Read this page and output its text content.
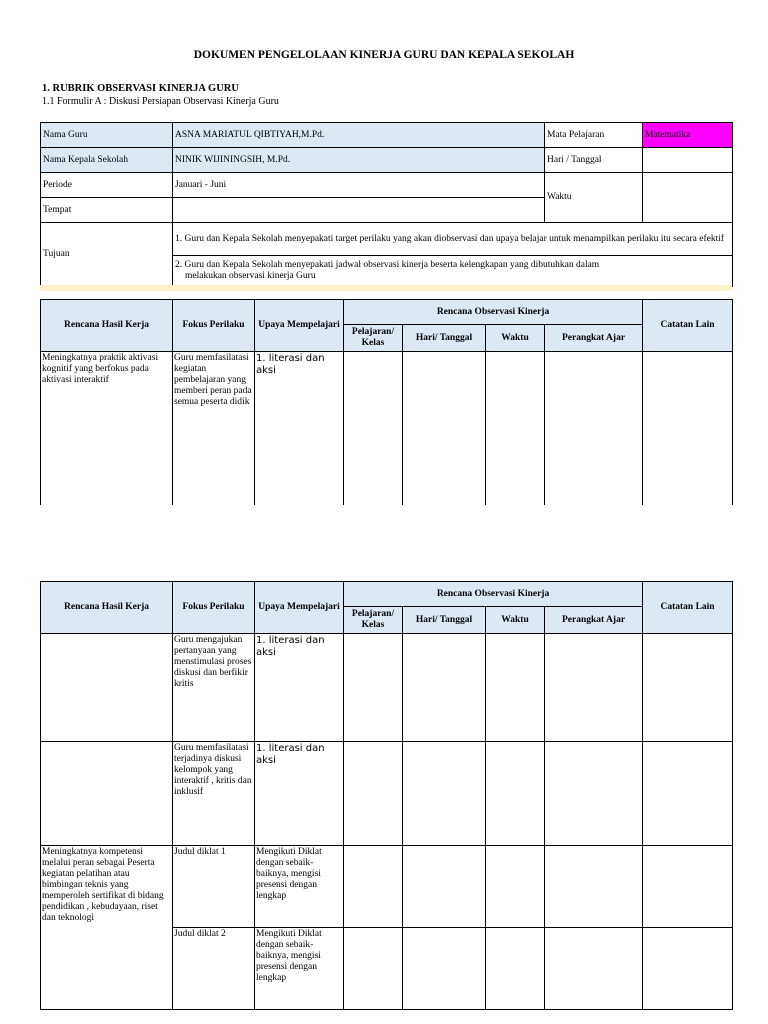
DOKUMEN PENGELOLAAN KINERJA GURU DAN KEPALA SEKOLAH
1. RUBRIK OBSERVASI KINERJA GURU
1.1 Formulir A : Diskusi Persiapan Observasi Kinerja Guru
Nama Guru	ASNA MARIATUL QIBTIYAH,M.Pd.	Mata Pelajaran	Matematika
Nama Kepala Sekolah	NINIK WIJININGSIH, M.Pd.	Hari / Tanggal	
Periode	Januari - Juni	Waktu	
Tempat			
Tujuan	1. Guru dan Kepala Sekolah menyepakati target perilaku yang akan diobservasi dan upaya belajar untuk menampilkan perilaku itu secara efektif		

	2. Guru dan Kepala Sekolah menyepakati jadwal observasi kinerja beserta kelengkapan yang dibutuhkan dalam
melakukan observasi kinerja Guru		
Rencana Hasil Kerja	Fokus Perilaku	Upaya Mempelajari	Rencana Observasi Kinerja				Catatan Lain
			Pelajaran/ Kelas	Hari/ Tanggal	Waktu	Perangkat Ajar	
Meningkatnya praktik aktivasi kognitif yang berfokus pada aktivasi interaktif	Guru memfasilatasi kegiatan pembelajaran yang memberi peran pada semua peserta didik	1. literasi dan aksi					
Rencana Hasil Kerja	Fokus Perilaku	Upaya Mempelajari	Rencana Observasi Kinerja				Catatan Lain
			Pelajaran/ Kelas	Hari/ Tanggal	Waktu	Perangkat Ajar	
	Guru mengajukan pertanyaan yang menstimulasi proses diskusi dan berfikir kritis	1. literasi dan aksi					
	Guru memfasilatasi terjadinya diskusi kelompok yang interaktif , kritis dan inklusif	1. literasi dan aksi					
Meningkatnya kompetensi melalui peran sebagai Peserta kegiatan pelatihan atau bimbingan teknis yang memperoleh sertifikat di bidang pendidikan , kebudayaan, riset dan teknologi	Judul diklat 1	Mengikuti Diklat dengan sebaik-baiknya, mengisi presensi dengan lengkap					
	Judul diklat 2	Mengikuti Diklat dengan sebaik-baiknya, mengisi presensi dengan lengkap					
